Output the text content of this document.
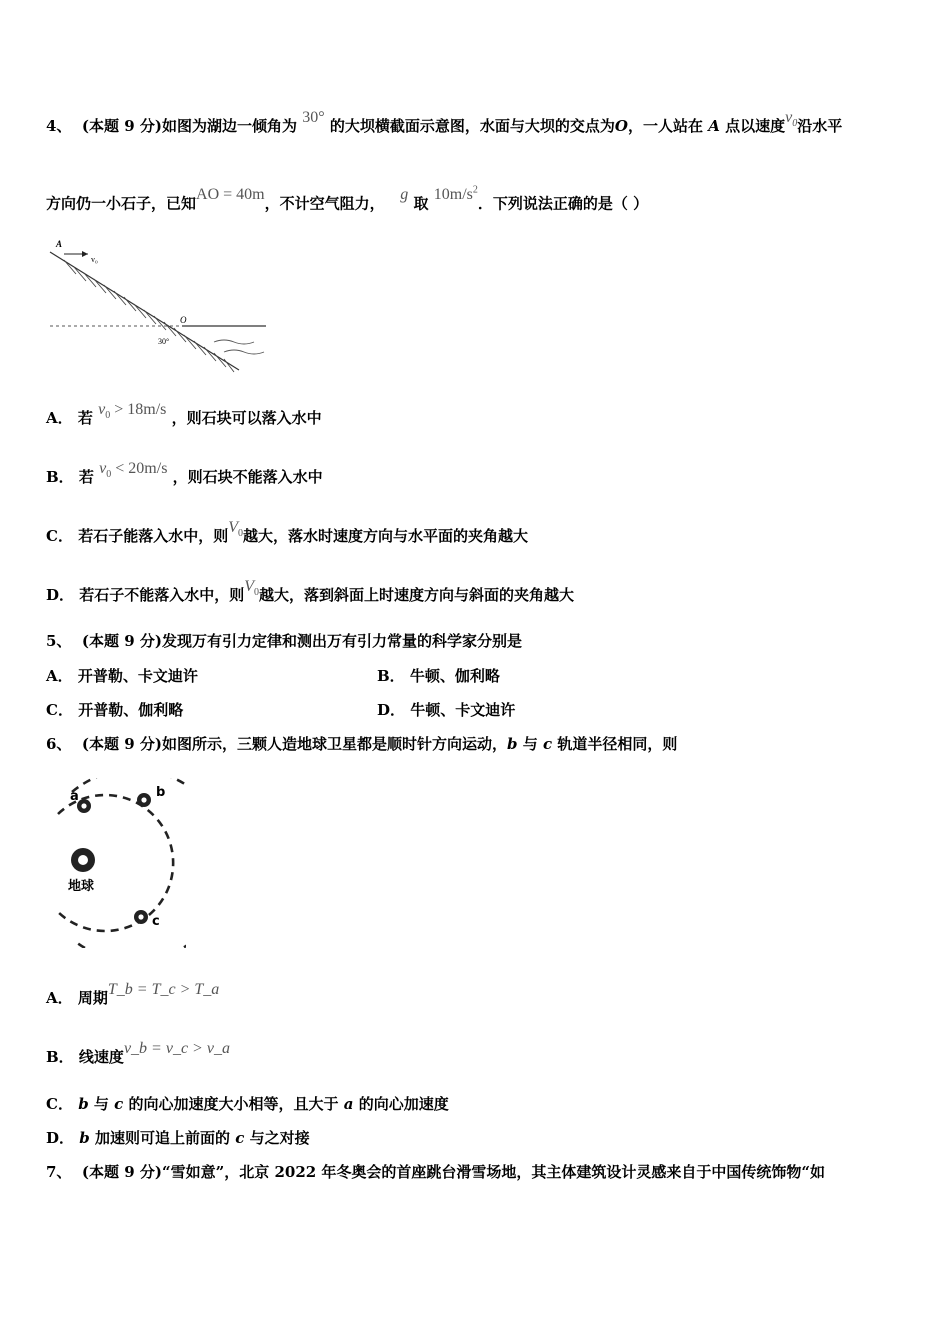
4、 (本题 9 分)如图为湖边一倾角为 30° 的大坝横截面示意图，水面与大坝的交点为O，一人站在 A 点以速度$v_0$沿水平
方向仍一小石子，已知AO = 40m，不计空气阻力， g 取 $10m/s^2$．下列说法正确的是（ ）
A
v₀
O
30°
A． 若 $v_0 > 18m/s$ ，则石块可以落入水中
B． 若 $v_0 < 20m/s$ ，则石块不能落入水中
C． 若石子能落入水中，则$V_0$越大，落水时速度方向与水平面的夹角越大
D． 若石子不能落入水中，则$V_0$越大，落到斜面上时速度方向与斜面的夹角越大
5、 (本题 9 分)发现万有引力定律和测出万有引力常量的科学家分别是
A． 开普勒、卡文迪许	B． 牛顿、伽利略
C． 开普勒、伽利略	D． 牛顿、卡文迪许
6、 (本题 9 分)如图所示，三颗人造地球卫星都是顺时针方向运动，b 与 c 轨道半径相同，则
地球
a	b
c
A． 周期T_b = T_c > T_a
B． 线速度v_b = v_c > v_a
C． b 与 c 的向心加速度大小相等，且大于 a 的向心加速度
D． b 加速则可追上前面的 c 与之对接
7、 (本题 9 分)“雪如意”，北京 2022 年冬奥会的首座跳台滑雪场地，其主体建筑设计灵感来自于中国传统饰物“如
